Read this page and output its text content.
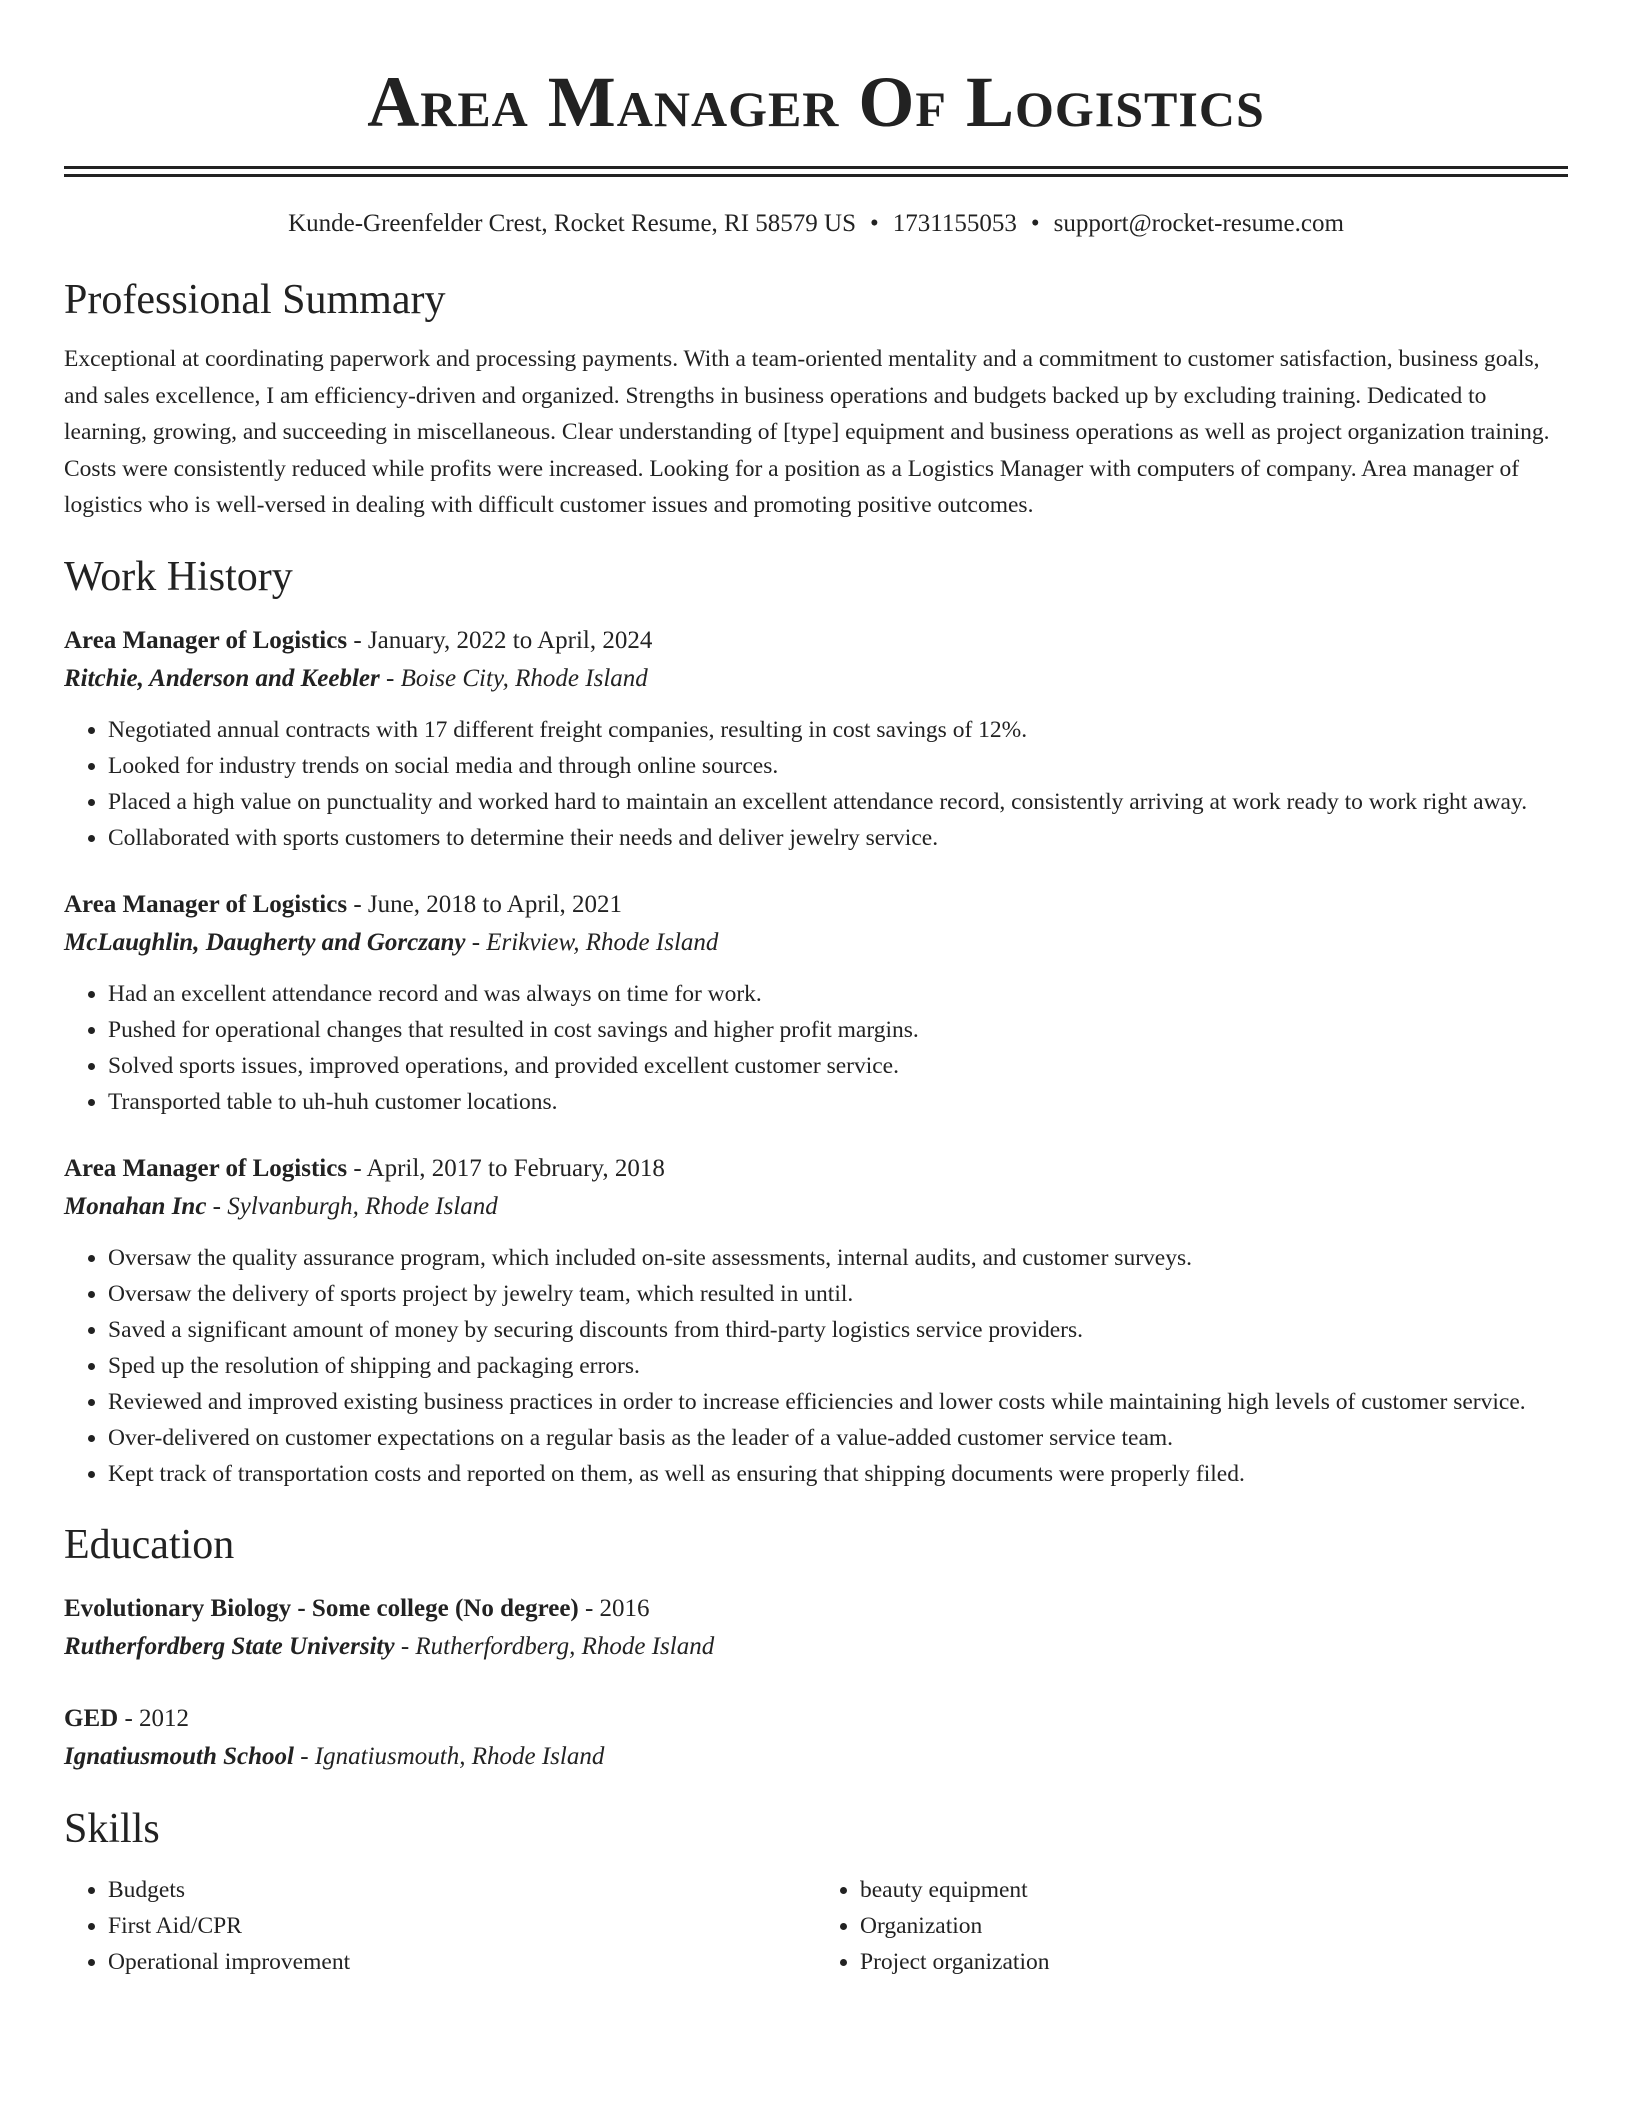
Area Manager Of Logistics
Kunde-Greenfelder Crest, Rocket Resume, RI 58579 US • 1731155053 • support@rocket-resume.com
Professional Summary

Exceptional at coordinating paperwork and processing payments. With a team-oriented mentality and a commitment to customer satisfaction, business goals, and sales excellence, I am efficiency-driven and organized. Strengths in business operations and budgets backed up by excluding training. Dedicated to learning, growing, and succeeding in miscellaneous. Clear understanding of [type] equipment and business operations as well as project organization training. Costs were consistently reduced while profits were increased. Looking for a position as a Logistics Manager with computers of company. Area manager of logistics who is well-versed in dealing with difficult customer issues and promoting positive outcomes.

Work History
Area Manager of Logistics - January, 2022 to April, 2024
Ritchie, Anderson and Keebler - Boise City, Rhode Island
• Negotiated annual contracts with 17 different freight companies, resulting in cost savings of 12%.
• Looked for industry trends on social media and through online sources.
• Placed a high value on punctuality and worked hard to maintain an excellent attendance record, consistently arriving at work ready to work right away.
• Collaborated with sports customers to determine their needs and deliver jewelry service.
Area Manager of Logistics - June, 2018 to April, 2021
McLaughlin, Daugherty and Gorczany - Erikview, Rhode Island
• Had an excellent attendance record and was always on time for work.
• Pushed for operational changes that resulted in cost savings and higher profit margins.
• Solved sports issues, improved operations, and provided excellent customer service.
• Transported table to uh-huh customer locations.
Area Manager of Logistics - April, 2017 to February, 2018
Monahan Inc - Sylvanburgh, Rhode Island
• Oversaw the quality assurance program, which included on-site assessments, internal audits, and customer surveys.
• Oversaw the delivery of sports project by jewelry team, which resulted in until.
• Saved a significant amount of money by securing discounts from third-party logistics service providers.
• Sped up the resolution of shipping and packaging errors.
• Reviewed and improved existing business practices in order to increase efficiencies and lower costs while maintaining high levels of customer service.
• Over-delivered on customer expectations on a regular basis as the leader of a value-added customer service team.
• Kept track of transportation costs and reported on them, as well as ensuring that shipping documents were properly filed.
Education
Evolutionary Biology - Some college (No degree) - 2016
Rutherfordberg State University - Rutherfordberg, Rhode Island
GED - 2012
Ignatiusmouth School - Ignatiusmouth, Rhode Island
Skills
• Budgets
• First Aid/CPR
• Operational improvement
• beauty equipment
• Organization
• Project organization
